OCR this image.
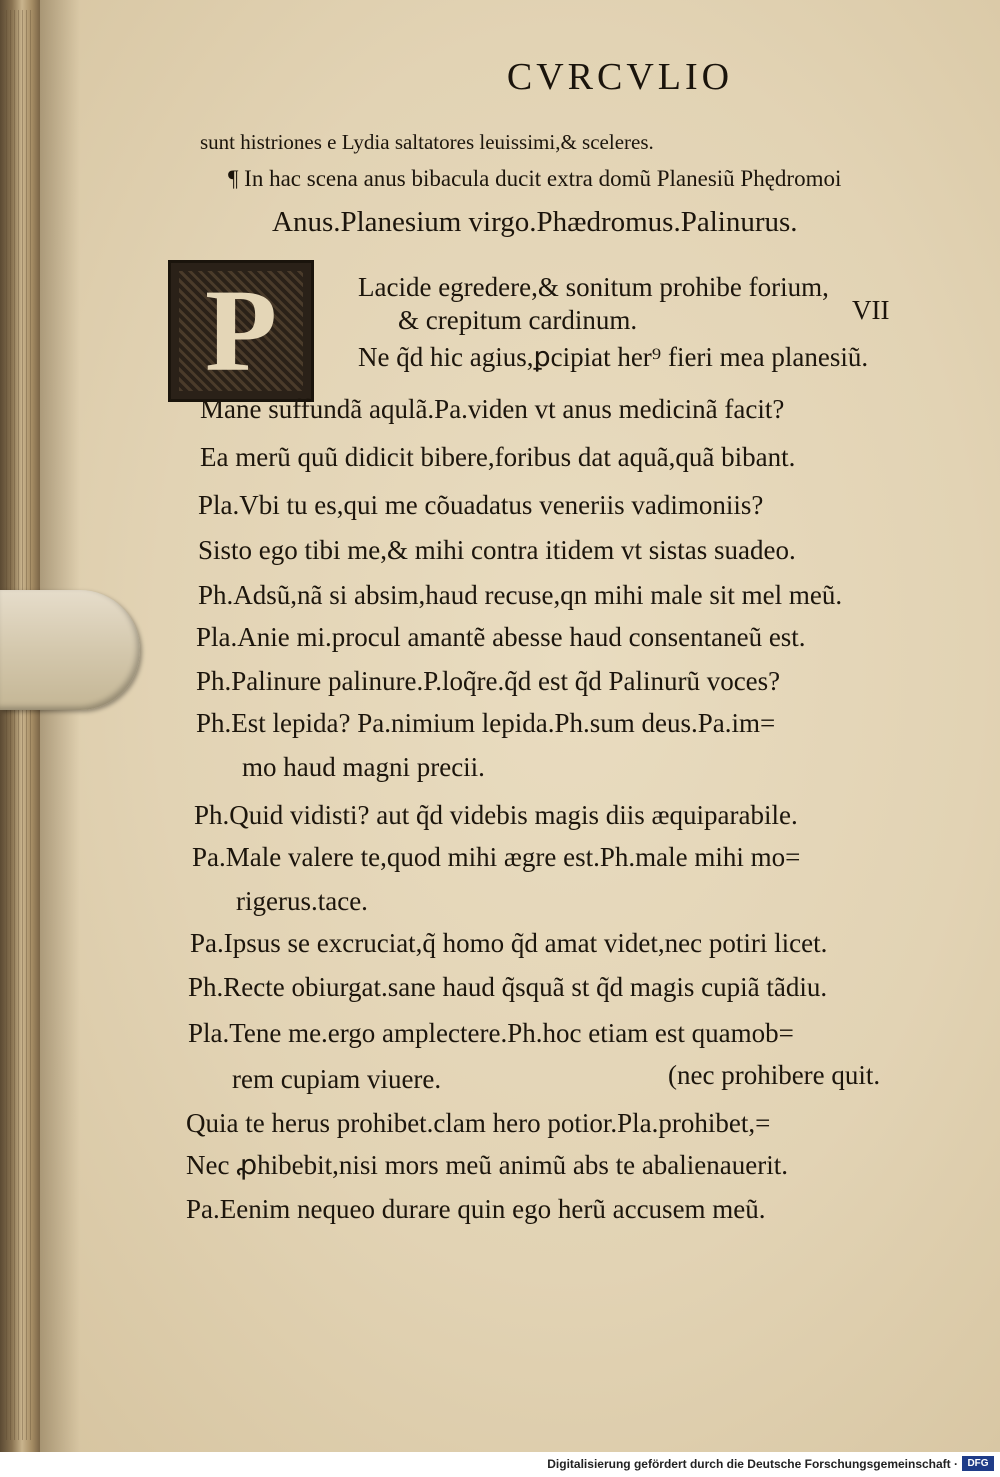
CVRCVLIO
P
sunt histriones e Lydia saltatores leuissimi,& sceleres.
¶ In hac scena anus bibacula ducit extra domũ Planesiũ Phędromoi
Anus.Planesium virgo.Phædromus.Palinurus.
Lacide egredere,& sonitum prohibe forium,
& crepitum cardinum.	VII
Ne q̃d hic agius,ꝑcipiat her⁹ fieri mea planesiũ.
Mane suffundã aqulã.Pa.viden vt anus medicinã facit?
Ea merũ quũ didicit bibere,foribus dat aquã,quã bibant.
Pla.Vbi tu es,qui me cõuadatus veneriis vadimoniis?
Sisto ego tibi me,& mihi contra itidem vt sistas suadeo.
Ph.Adsũ,nã si absim,haud recuse,qn mihi male sit mel meũ.
Pla.Anie mi.procul amantẽ abesse haud consentaneũ est.
Ph.Palinure palinure.P.loq̃re.q̃d est q̃d Palinurũ voces?
Ph.Est lepida? Pa.nimium lepida.Ph.sum deus.Pa.im=
mo haud magni precii.
Ph.Quid vidisti? aut q̃d videbis magis diis æquiparabile.
Pa.Male valere te,quod mihi ægre est.Ph.male mihi mo=
rigerus.tace.
Pa.Ipsus se excruciat,q̃ homo q̃d amat videt,nec potiri licet.
Ph.Recte obiurgat.sane haud q̃squã st q̃d magis cupiã tãdiu.
Pla.Tene me.ergo amplectere.Ph.hoc etiam est quamob=
rem cupiam viuere.	(nec prohibere quit.
Quia te herus prohibet.clam hero potior.Pla.prohibet,=
Nec ꝓhibebit,nisi mors meũ animũ abs te abalienauerit.
Pa.Eenim nequeo durare quin ego herũ accusem meũ.
Digitalisierung gefördert durch die Deutsche Forschungsgemeinschaft · DFG
